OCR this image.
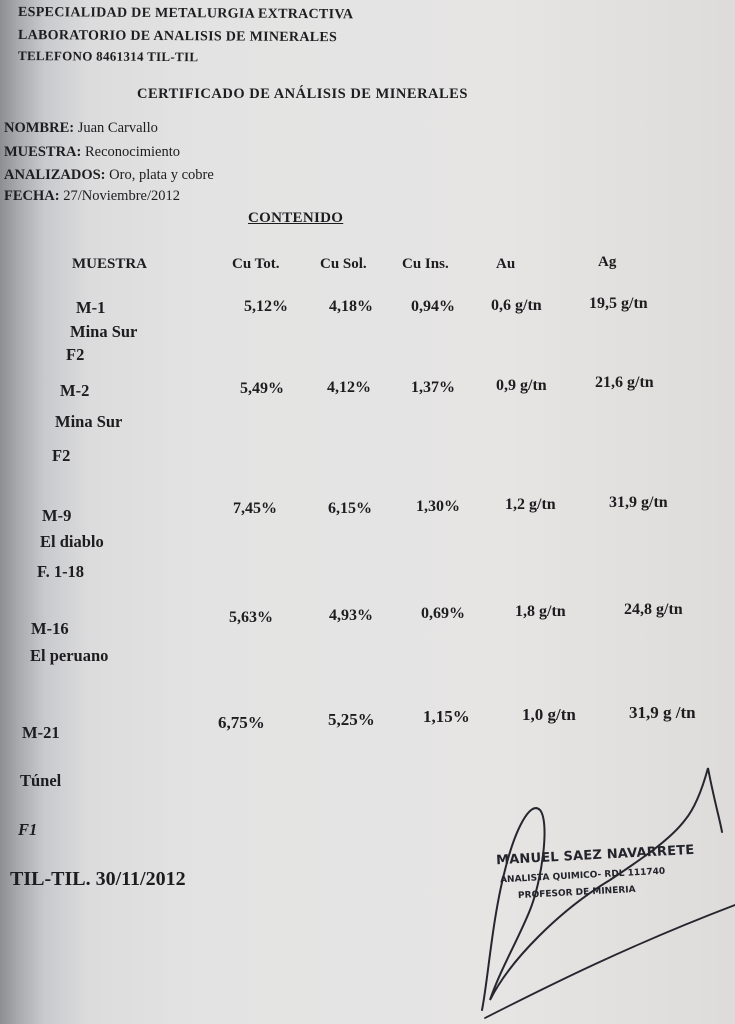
ESPECIALIDAD DE METALURGIA EXTRACTIVA
LABORATORIO DE ANALISIS DE MINERALES
TELEFONO 8461314 TIL-TIL
CERTIFICADO DE ANÁLISIS DE MINERALES
NOMBRE: Juan Carvallo
MUESTRA: Reconocimiento
ANALIZADOS: Oro, plata y cobre
FECHA: 27/Noviembre/2012
CONTENIDO
MUESTRA	Cu Tot.	Cu Sol. Cu Ins.	Au	Ag
M-1
Mina Sur
F2
5,12%	4,18% 0,94% 0,6 g/tn	19,5 g/tn
M-2
Mina Sur
F2
5,49%	4,12%	1,37%	0,9 g/tn	21,6 g/tn
M-9
El diablo
F. 1-18
7,45%	6,15%	1,30%	1,2 g/tn	31,9 g/tn
M-16
El peruano
5,63%	4,93%	0,69%	1,8 g/tn	24,8 g/tn
M-21
Túnel
F1
6,75%	5,25%	1,15%	1,0 g/tn	31,9 g /tn
TIL-TIL. 30/11/2012
MANUEL SAEZ NAVARRETE
ANALISTA QUIMICO- RDL 111740
PROFESOR DE MINERIA
